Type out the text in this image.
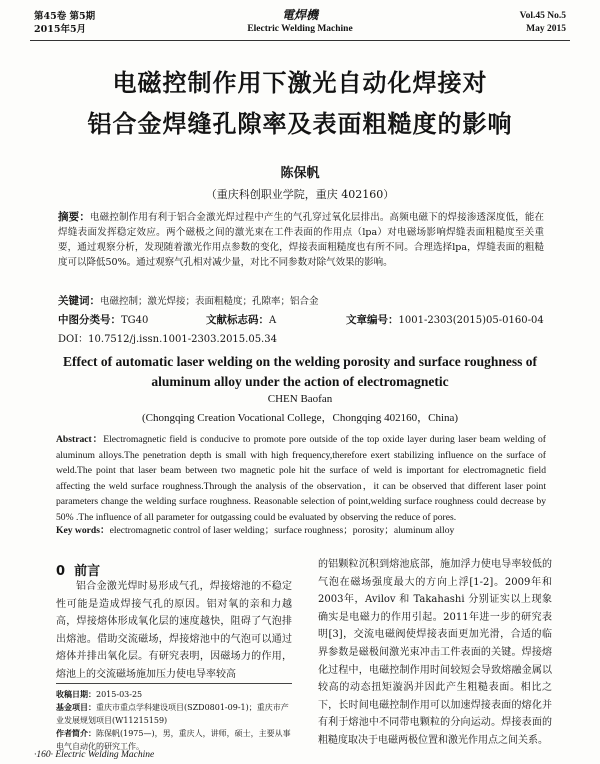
第45卷 第5期
2015年5月
電焊機
Electric Welding Machine
Vol.45 No.5
May 2015
电磁控制作用下激光自动化焊接对
铝合金焊缝孔隙率及表面粗糙度的影响
陈保帆
（重庆科创职业学院，重庆 402160）
摘要：电磁控制作用有利于铝合金激光焊过程中产生的气孔穿过氧化层排出。高频电磁下的焊接渗透深度低，能在焊缝表面发挥稳定效应。两个磁极之间的激光束在工件表面的作用点（lpa）对电磁场影响焊缝表面粗糙度至关重要，通过观察分析，发现随着激光作用点参数的变化，焊接表面粗糙度也有所不同。合理选择lpa，焊缝表面的粗糙度可以降低50%。通过观察气孔相对减少量，对比不同参数对除气效果的影响。
关键词：电磁控制；激光焊接；表面粗糙度；孔隙率；铝合金
中图分类号：TG40	文献标志码：A	文章编号：1001-2303(2015)05-0160-04
DOI：10.7512/j.issn.1001-2303.2015.05.34
Effect of automatic laser welding on the welding porosity and surface roughness of
aluminum alloy under the action of electromagnetic
CHEN Baofan
(Chongqing Creation Vocational College，Chongqing 402160，China)
Abstract：Electromagnetic field is conducive to promote pore outside of the top oxide layer during laser beam welding of aluminum alloys.The penetration depth is small with high frequency,therefore exert stabilizing influence on the surface of weld.The point that laser beam between two magnetic pole hit the surface of weld is important for electromagnetic field affecting the weld surface roughness.Through the analysis of the observation，it can be observed that different laser point parameters change the welding surface roughness. Reasonable selection of point,welding surface roughness could decrease by 50% .The influence of all parameter for outgassing could be evaluated by observing the reduce of pores.
Key words：electromagnetic control of laser welding；surface roughness；porosity；aluminum alloy
0 前言
铝合金激光焊时易形成气孔，焊接熔池的不稳定性可能是造成焊接气孔的原因。铝对氧的亲和力越高，焊接熔体形成氧化层的速度越快，阻碍了气泡排出熔池。借助交流磁场，焊接熔池中的气泡可以通过熔体并排出氧化层。有研究表明，因磁场力的作用，熔池上的交流磁场施加压力使电导率较高
的铝颗粒沉积到熔池底部，施加浮力使电导率较低的气泡在磁场强度最大的方向上浮[1-2]。2009年和2003年，Avilov 和 Takahashi 分别证实以上现象确实是电磁力的作用引起。2011年进一步的研究表明[3]，交流电磁阀使焊接表面更加光滑，合适的临界参数是磁极间激光束冲击工件表面的关键。焊接熔化过程中，电磁控制作用时间较短会导致熔融金属以较高的动态扭矩漩涡并因此产生粗糙表面。相比之下，长时间电磁控制作用可以加速焊接表面的熔化并有利于熔池中不同带电颗粒的分向运动。焊接表面的粗糙度取决于电磁两极位置和激光作用点之间关系。
收稿日期：2015-03-25
基金项目：重庆市重点学科建设项目(SZD0801-09-1)；重庆市产业发展规划项目(W11215159)
作者简介：陈保帆(1975—)，男，重庆人，讲师，硕士，主要从事电气自动化的研究工作。
·160· Electric Welding Machine
